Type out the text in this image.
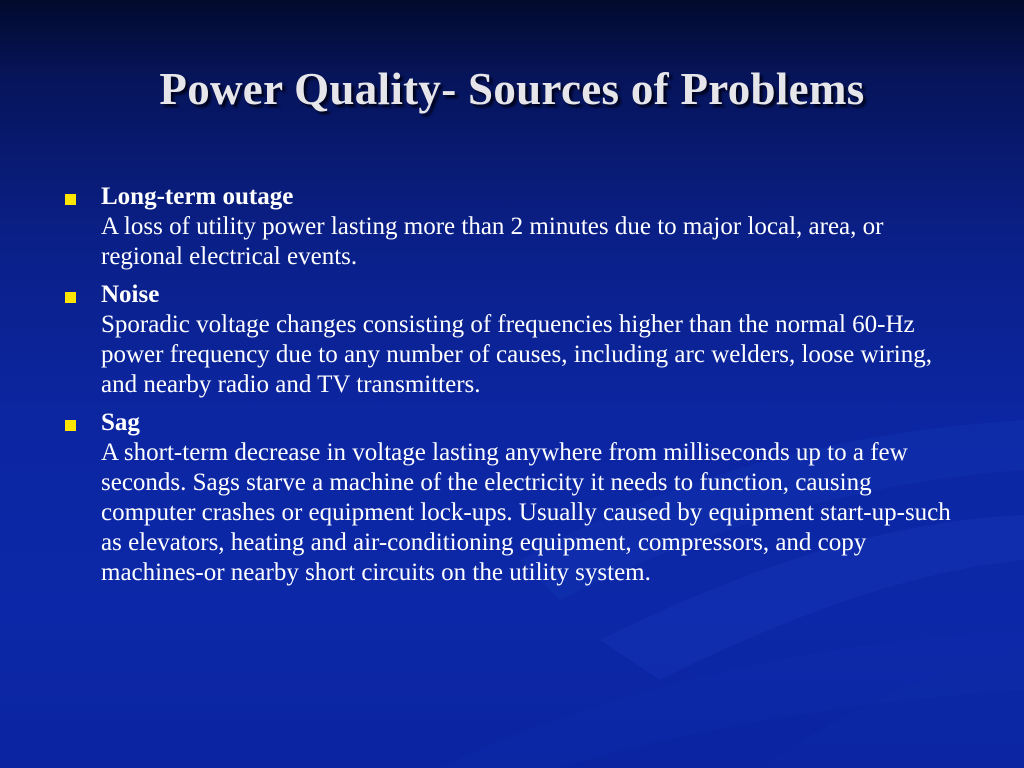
Power Quality- Sources of Problems
Long-term outage
A loss of utility power lasting more than 2 minutes due to major local, area, or regional electrical events.
Noise
Sporadic voltage changes consisting of frequencies higher than the normal 60-Hz power frequency due to any number of causes, including arc welders, loose wiring, and nearby radio and TV transmitters.
Sag
A short-term decrease in voltage lasting anywhere from milliseconds up to a few seconds. Sags starve a machine of the electricity it needs to function, causing computer crashes or equipment lock-ups. Usually caused by equipment start-up-such as elevators, heating and air-conditioning equipment, compressors, and copy machines-or nearby short circuits on the utility system.
